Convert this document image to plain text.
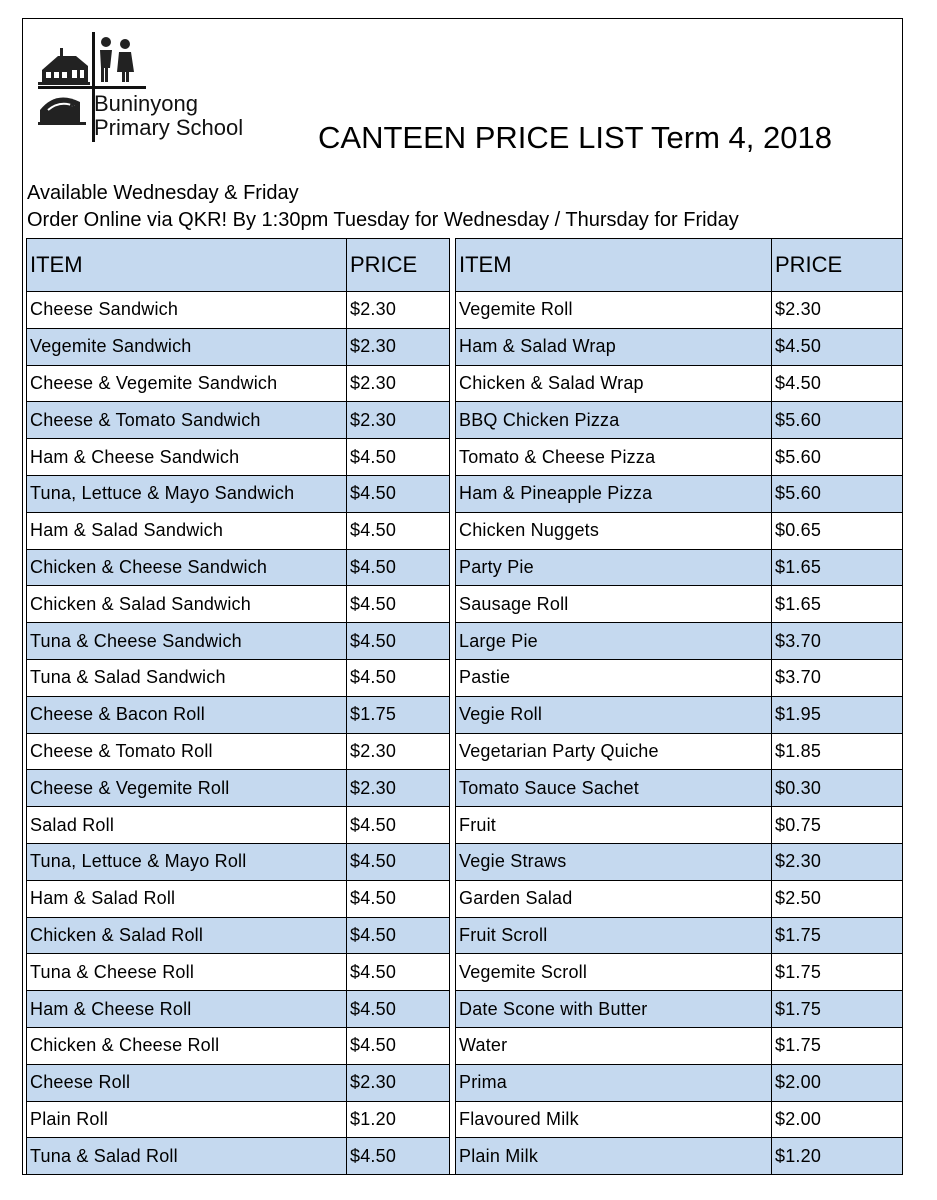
Buninyong
Primary School CANTEEN PRICE LIST Term 4, 2018
Available Wednesday & Friday
Order Online via QKR! By 1:30pm Tuesday for Wednesday / Thursday for Friday
ITEM	PRICE
Cheese Sandwich	$2.30
Vegemite Sandwich	$2.30
Cheese & Vegemite Sandwich	$2.30
Cheese & Tomato Sandwich	$2.30
Ham & Cheese Sandwich	$4.50
Tuna, Lettuce & Mayo Sandwich	$4.50
Ham & Salad Sandwich	$4.50
Chicken & Cheese Sandwich	$4.50
Chicken & Salad Sandwich	$4.50
Tuna & Cheese Sandwich	$4.50
Tuna & Salad Sandwich	$4.50
Cheese & Bacon Roll	$1.75
Cheese & Tomato Roll	$2.30
Cheese & Vegemite Roll	$2.30
Salad Roll	$4.50
Tuna, Lettuce & Mayo Roll	$4.50
Ham & Salad Roll	$4.50
Chicken & Salad Roll	$4.50
Tuna & Cheese Roll	$4.50
Ham & Cheese Roll	$4.50
Chicken & Cheese Roll	$4.50
Cheese Roll	$2.30
Plain Roll	$1.20
Tuna & Salad Roll	$4.50
ITEM	PRICE
Vegemite Roll	$2.30
Ham & Salad Wrap	$4.50
Chicken & Salad Wrap	$4.50
BBQ Chicken Pizza	$5.60
Tomato & Cheese Pizza	$5.60
Ham & Pineapple Pizza	$5.60
Chicken Nuggets	$0.65
Party Pie	$1.65
Sausage Roll	$1.65
Large Pie	$3.70
Pastie	$3.70
Vegie Roll	$1.95
Vegetarian Party Quiche	$1.85
Tomato Sauce Sachet	$0.30
Fruit	$0.75
Vegie Straws	$2.30
Garden Salad	$2.50
Fruit Scroll	$1.75
Vegemite Scroll	$1.75
Date Scone with Butter	$1.75
Water	$1.75
Prima	$2.00
Flavoured Milk	$2.00
Plain Milk	$1.20
